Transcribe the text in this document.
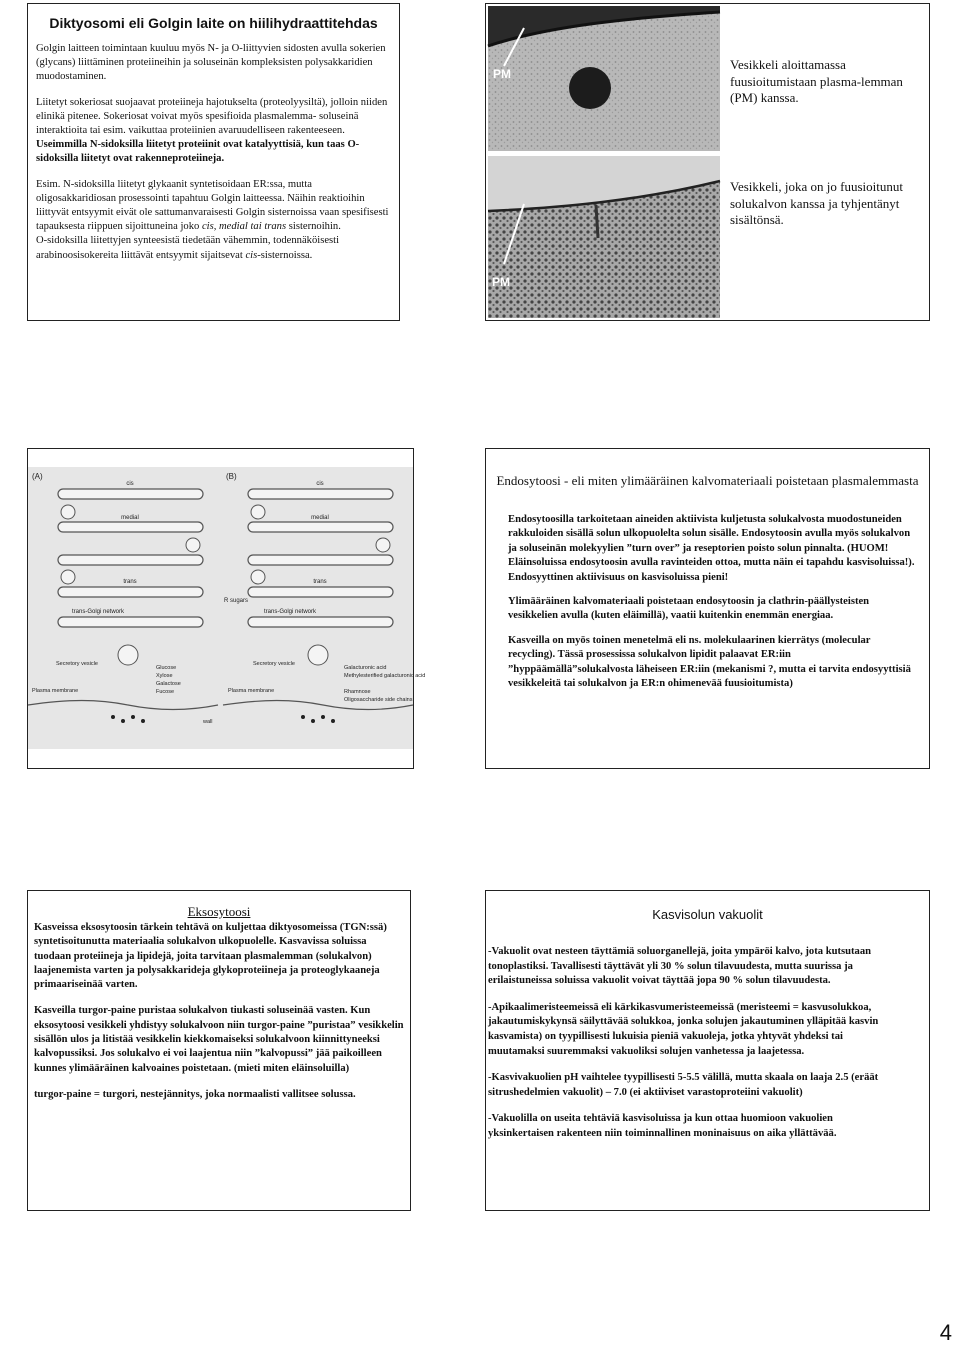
Diktyosomi eli Golgin laite on hiilihydraattitehdas

Golgin laitteen toimintaan kuuluu myös N- ja O-liittyvien sidosten avulla sokerien (glycans) liittäminen proteiineihin ja soluseinän kompleksisten polysakkaridien muodostaminen.

Liitetyt sokeriosat suojaavat proteiineja hajotukselta (proteolyysiltä), jolloin niiden elinikä pitenee. Sokeriosat voivat myös spesifioida plasmalemma- soluseinä interaktioita tai esim. vaikuttaa proteiinien avaruudelliseen rakenteeseen. Useimmilla N-sidoksilla liitetyt proteiinit ovat katalyyttisiä, kun taas O-sidoksilla liitetyt ovat rakenneproteiineja.

Esim. N-sidoksilla liitetyt glykaanit syntetisoidaan ER:ssa, mutta oligosakkaridiosan prosessointi tapahtuu Golgin laitteessa. Näihin reaktioihin liittyvät entsyymit eivät ole sattumanvaraisesti Golgin sisternoissa vaan spesifisesti tapauksesta riippuen sijoittuneina joko cis, medial tai trans sisternoihin.

O-sidoksilla liitettyjen synteesistä tiedetään vähemmin, todennäköisesti arabinoosisokereita liittävät entsyymit sijaitsevat cis-sisternoissa.

PM
PM
Vesikkeli aloittamassa fuusioitumistaan plasma-lemman (PM) kanssa.
Vesikkeli, joka on jo fuusioitunut solukalvon kanssa ja tyhjentänyt sisältönsä.
(A)	(B)
cis
medial
trans
trans-Golgi network
cis
medial
trans
trans-Golgi network
R sugars
Secretory vesicle
Plasma membrane
Secretory vesicle
Plasma membrane
wall
Glucose
Xylose
Galactose
Fucose
Galacturonic acid
Methylesterified galacturonic acid
Rhamnose
Oligosaccharide side chains
Endosytoosi - eli miten ylimääräinen kalvomateriaali poistetaan plasmalemmasta

Endosytoosilla tarkoitetaan aineiden aktiivista kuljetusta solukalvosta muodostuneiden rakkuloiden sisällä solun ulkopuolelta solun sisälle. Endosytoosin avulla myös solukalvon ja soluseinän molekyylien ”turn over” ja reseptorien poisto solun pinnalta. (HUOM! Eläinsoluissa endosytoosin avulla ravinteiden ottoa, mutta näin ei tapahdu kasvisoluissa!). Endosyyttinen aktiivisuus on kasvisoluissa pieni!

Ylimääräinen kalvomateriaali poistetaan endosytoosin ja clathrin-päällysteisten vesikkelien avulla (kuten eläimillä), vaatii kuitenkin enemmän energiaa.

Kasveilla on myös toinen menetelmä eli ns. molekulaarinen kierrätys (molecular recycling). Tässä prosessissa solukalvon lipidit palaavat ER:iin ”hyppäämällä”solukalvosta läheiseen ER:iin (mekanismi ?, mutta ei tarvita endosyyttisiä vesikkeleitä tai solukalvon ja ER:n ohimenevää fuusioitumista)

Eksosytoosi

Kasveissa eksosytoosin tärkein tehtävä on kuljettaa diktyosomeissa (TGN:ssä) syntetisoitunutta materiaalia solukalvon ulkopuolelle. Kasvavissa soluissa tuodaan proteiineja ja lipidejä, joita tarvitaan plasmalemman (solukalvon) laajenemista varten ja polysakkarideja glykoproteiineja ja proteoglykaaneja primaariseinää varten.

Kasveilla turgor-paine puristaa solukalvon tiukasti soluseinää vasten. Kun eksosytoosi vesikkeli yhdistyy solukalvoon niin turgor-paine ”puristaa” vesikkelin sisällön ulos ja litistää vesikkelin kiekkomaiseksi solukalvoon kiinnittyneeksi kalvopussiksi. Jos solukalvo ei voi laajentua niin ”kalvopussi” jää paikoilleen kunnes ylimääräinen kalvoaines poistetaan. (mieti miten eläinsoluilla)

turgor-paine = turgori, nestejännitys, joka normaalisti vallitsee solussa.

Kasvisolun vakuolit

-Vakuolit ovat nesteen täyttämiä soluorganellejä, joita ympäröi kalvo, jota kutsutaan tonoplastiksi. Tavallisesti täyttävät yli 30 % solun tilavuudesta, mutta suurissa ja erilaistuneissa soluissa vakuolit voivat täyttää jopa 90 % solun tilavuudesta.

-Apikaalimeristeemeissä eli kärkikasvumeristeemeissä (meristeemi = kasvusolukkoa, jakautumiskykynsä säilyttävää solukkoa, jonka solujen jakautuminen ylläpitää kasvin kasvamista) on tyypillisesti lukuisia pieniä vakuoleja, jotka yhtyvät yhdeksi tai muutamaksi suuremmaksi vakuoliksi solujen vanhetessa ja laajetessa.

-Kasvivakuolien pH vaihtelee tyypillisesti 5-5.5 välillä, mutta skaala on laaja 2.5 (eräät sitrushedelmien vakuolit) – 7.0 (ei aktiiviset varastoproteiini vakuolit)

-Vakuolilla on useita tehtäviä kasvisoluissa ja kun ottaa huomioon vakuolien yksinkertaisen rakenteen niin toiminnallinen moninaisuus on aika yllättävää.

4
